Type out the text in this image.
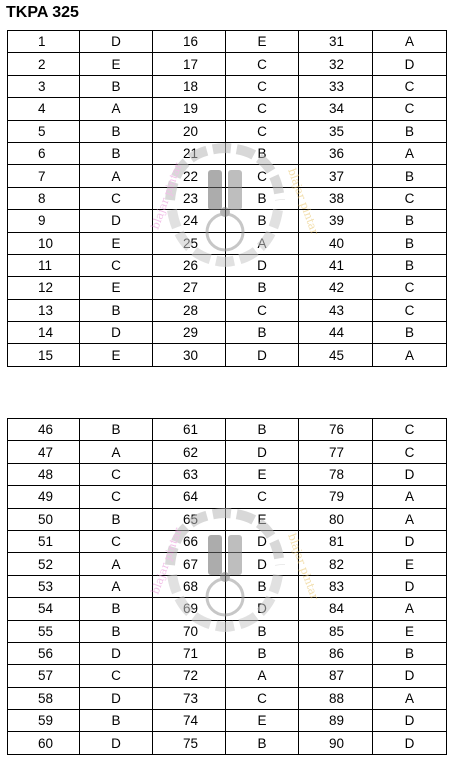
TKPA 325
1	D	16	E	31	A
2	E	17	C	32	D
3	B	18	C	33	C
4	A	19	C	34	C
5	B	20	C	35	B
6	B	21	B	36	A
7	A	22	C	37	B
8	C	23	B	38	C
9	D	24	B	39	B
10	E	25	A	40	B
11	C	26	D	41	B
12	E	27	B	42	C
13	B	28	C	43	C
14	D	29	B	44	B
15	E	30	D	45	A
46	B	61	B	76	C
47	A	62	D	77	C
48	C	63	E	78	D
49	C	64	C	79	A
50	B	65	E	80	A
51	C	66	D	81	D
52	A	67	D	82	E
53	A	68	B	83	D
54	B	69	D	84	A
55	B	70	B	85	E
56	D	71	B	86	B
57	C	72	A	87	D
58	D	73	C	88	A
59	B	74	E	89	D
60	D	75	B	90	D
blajar pintar	blajar pintar
blajar pintar	blajar pintar
